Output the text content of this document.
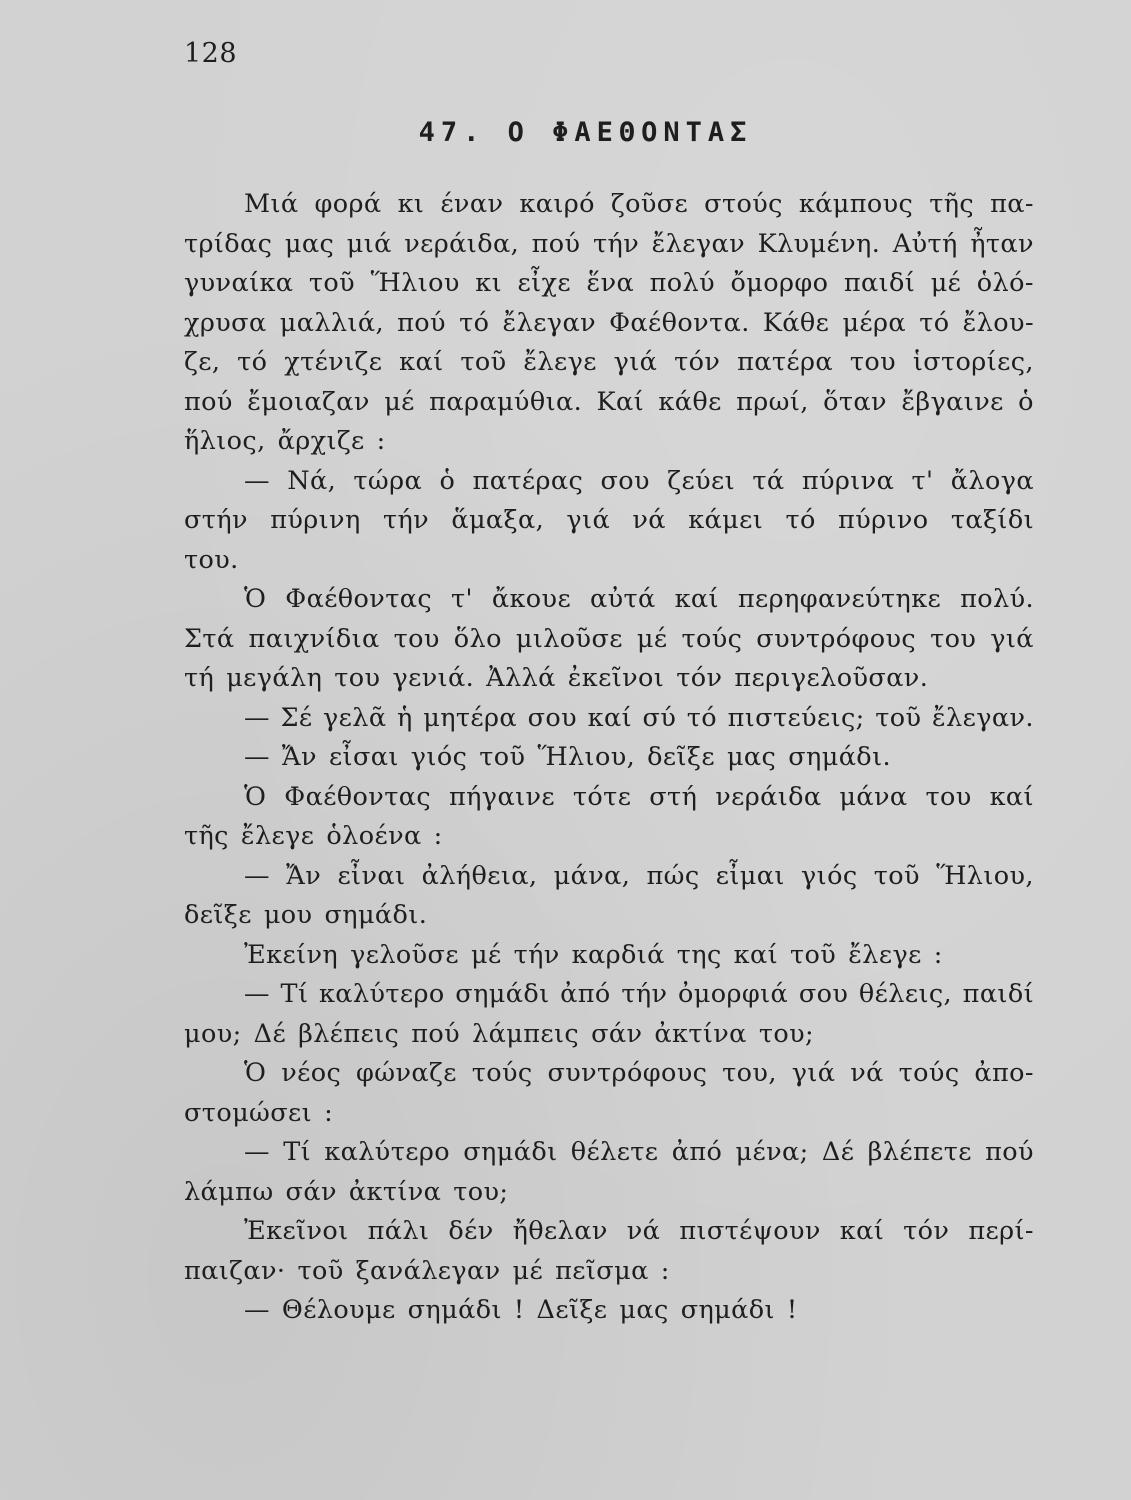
128
47. Ο ΦΑΕΘΟΝΤΑΣ
Μιά φορά κι έναν καιρό ζοῦσε στούς κάμπους τῆς πα-
τρίδας μας μιά νεράιδα, πού τήν ἔλεγαν Κλυμένη. Αὐτή ἦταν
γυναίκα τοῦ Ἥλιου κι εἶχε ἕνα πολύ ὄμορφο παιδί μέ ὁλό-
χρυσα μαλλιά, πού τό ἔλεγαν Φαέθοντα. Κάθε μέρα τό ἔλου-
ζε, τό χτένιζε καί τοῦ ἔλεγε γιά τόν πατέρα του ἱστορίες,
πού ἔμοιαζαν μέ παραμύθια. Καί κάθε πρωί, ὅταν ἔβγαινε ὁ
ἥλιος, ἄρχιζε :
— Νά, τώρα ὁ πατέρας σου ζεύει τά πύρινα τ' ἄλογα
στήν πύρινη τήν ἅμαξα, γιά νά κάμει τό πύρινο ταξίδι
του.
Ὁ Φαέθοντας τ' ἄκουε αὐτά καί περηφανεύτηκε πολύ.
Στά παιχνίδια του ὅλο μιλοῦσε μέ τούς συντρόφους του γιά
τή μεγάλη του γενιά. Ἀλλά ἐκεῖνοι τόν περιγελοῦσαν.
— Σέ γελᾶ ἡ μητέρα σου καί σύ τό πιστεύεις; τοῦ ἔλεγαν.
— Ἄν εἶσαι γιός τοῦ Ἥλιου, δεῖξε μας σημάδι.
Ὁ Φαέθοντας πήγαινε τότε στή νεράιδα μάνα του καί
τῆς ἔλεγε ὁλοένα :
— Ἄν εἶναι ἀλήθεια, μάνα, πώς εἶμαι γιός τοῦ Ἥλιου,
δεῖξε μου σημάδι.
Ἐκείνη γελοῦσε μέ τήν καρδιά της καί τοῦ ἔλεγε :
— Τί καλύτερο σημάδι ἀπό τήν ὀμορφιά σου θέλεις, παιδί
μου; Δέ βλέπεις πού λάμπεις σάν ἀκτίνα του;
Ὁ νέος φώναζε τούς συντρόφους του, γιά νά τούς ἀπο-
στομώσει :
— Τί καλύτερο σημάδι θέλετε ἀπό μένα; Δέ βλέπετε πού
λάμπω σάν ἀκτίνα του;
Ἐκεῖνοι πάλι δέν ἤθελαν νά πιστέψουν καί τόν περί-
παιζαν· τοῦ ξανάλεγαν μέ πεῖσμα :
— Θέλουμε σημάδι ! Δεῖξε μας σημάδι !
